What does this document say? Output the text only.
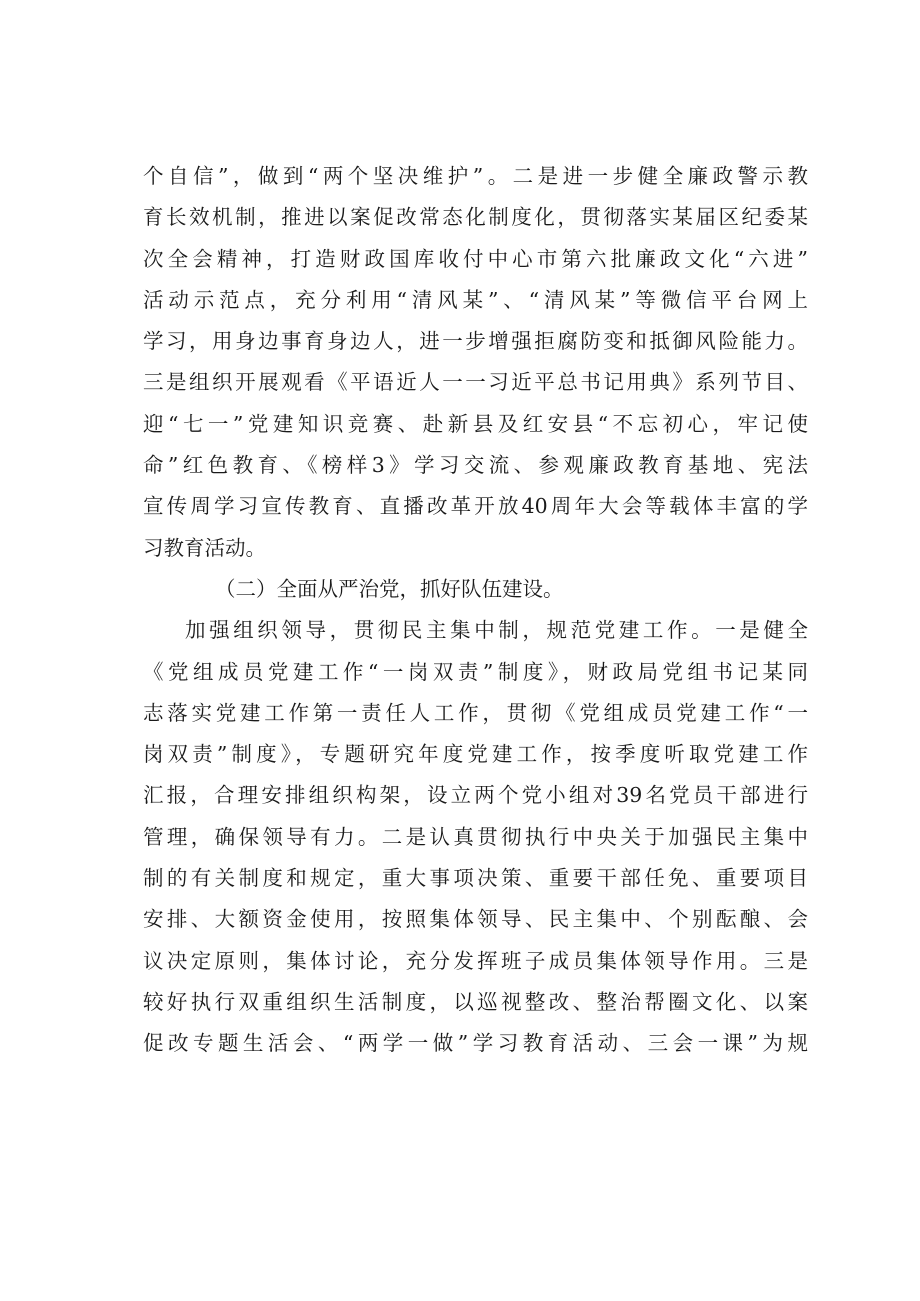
个自信”，做到“两个坚决维护”。二是进一步健全廉政警示教
育长效机制，推进以案促改常态化制度化，贯彻落实某届区纪委某
次全会精神，打造财政国库收付中心市第六批廉政文化“六进”
活动示范点，充分利用“清风某”、“清风某”等微信平台网上
学习，用身边事育身边人，进一步增强拒腐防变和抵御风险能力。
三是组织开展观看《平语近人一一习近平总书记用典》系列节目、
迎“七一”党建知识竞赛、赴新县及红安县“不忘初心，牢记使
命”红色教育、《榜样3》学习交流、参观廉政教育基地、宪法
宣传周学习宣传教育、直播改革开放40周年大会等载体丰富的学
习教育活动。
（二）全面从严治党，抓好队伍建设。
加强组织领导，贯彻民主集中制，规范党建工作。一是健全
《党组成员党建工作“一岗双责”制度》，财政局党组书记某同
志落实党建工作第一责任人工作，贯彻《党组成员党建工作“一
岗双责”制度》，专题研究年度党建工作，按季度听取党建工作
汇报，合理安排组织构架，设立两个党小组对39名党员干部进行
管理，确保领导有力。二是认真贯彻执行中央关于加强民主集中
制的有关制度和规定，重大事项决策、重要干部任免、重要项目
安排、大额资金使用，按照集体领导、民主集中、个别酝酿、会
议决定原则，集体讨论，充分发挥班子成员集体领导作用。三是
较好执行双重组织生活制度，以巡视整改、整治帮圈文化、以案
促改专题生活会、“两学一做”学习教育活动、三会一课”为规
